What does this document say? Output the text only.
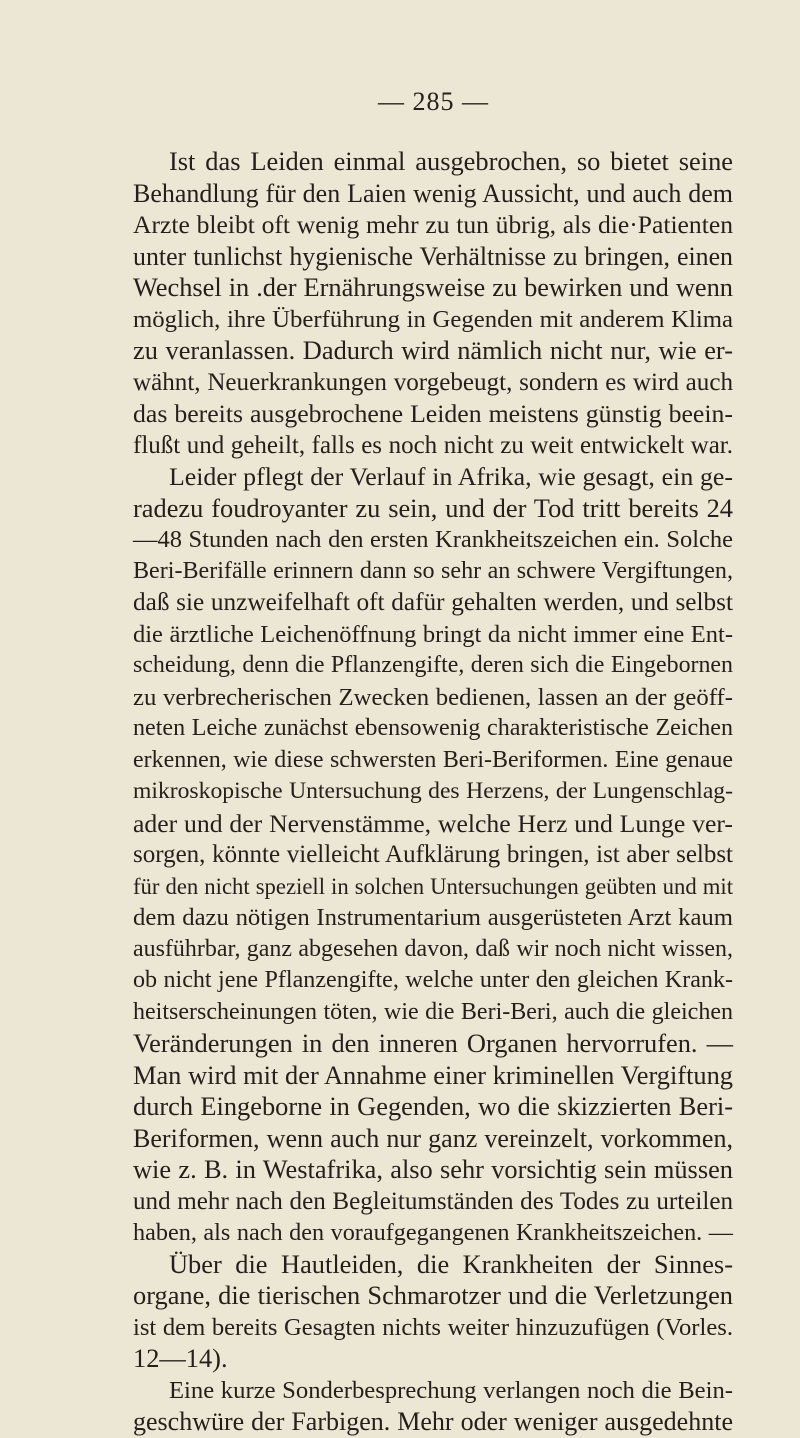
— 285 —
Ist das Leiden einmal ausgebrochen, so bietet seine
Behandlung für den Laien wenig Aussicht, und auch dem
Arzte bleibt oft wenig mehr zu tun übrig, als die·Patienten
unter tunlichst hygienische Verhältnisse zu bringen, einen
Wechsel in .der Ernährungsweise zu bewirken und wenn
möglich, ihre Überführung in Gegenden mit anderem Klima
zu veranlassen. Dadurch wird nämlich nicht nur, wie er-
wähnt, Neuerkrankungen vorgebeugt, sondern es wird auch
das bereits ausgebrochene Leiden meistens günstig beein-
flußt und geheilt, falls es noch nicht zu weit entwickelt war.
Leider pflegt der Verlauf in Afrika, wie gesagt, ein ge-
radezu foudroyanter zu sein, und der Tod tritt bereits 24
—48 Stunden nach den ersten Krankheitszeichen ein. Solche
Beri-Berifälle erinnern dann so sehr an schwere Vergiftungen,
daß sie unzweifelhaft oft dafür gehalten werden, und selbst
die ärztliche Leichenöffnung bringt da nicht immer eine Ent-
scheidung, denn die Pflanzengifte, deren sich die Eingebornen
zu verbrecherischen Zwecken bedienen, lassen an der geöff-
neten Leiche zunächst ebensowenig charakteristische Zeichen
erkennen, wie diese schwersten Beri-Beriformen. Eine genaue
mikroskopische Untersuchung des Herzens, der Lungenschlag-
ader und der Nervenstämme, welche Herz und Lunge ver-
sorgen, könnte vielleicht Aufklärung bringen, ist aber selbst
für den nicht speziell in solchen Untersuchungen geübten und mit
dem dazu nötigen Instrumentarium ausgerüsteten Arzt kaum
ausführbar, ganz abgesehen davon, daß wir noch nicht wissen,
ob nicht jene Pflanzengifte, welche unter den gleichen Krank-
heitserscheinungen töten, wie die Beri-Beri, auch die gleichen
Veränderungen in den inneren Organen hervorrufen. —
Man wird mit der Annahme einer kriminellen Vergiftung
durch Eingeborne in Gegenden, wo die skizzierten Beri-
Beriformen, wenn auch nur ganz vereinzelt, vorkommen,
wie z. B. in Westafrika, also sehr vorsichtig sein müssen
und mehr nach den Begleitumständen des Todes zu urteilen
haben, als nach den voraufgegangenen Krankheitszeichen. —
Über die Hautleiden, die Krankheiten der Sinnes-
organe, die tierischen Schmarotzer und die Verletzungen
ist dem bereits Gesagten nichts weiter hinzuzufügen (Vorles.
12—14).
Eine kurze Sonderbesprechung verlangen noch die Bein-
geschwüre der Farbigen. Mehr oder weniger ausgedehnte
